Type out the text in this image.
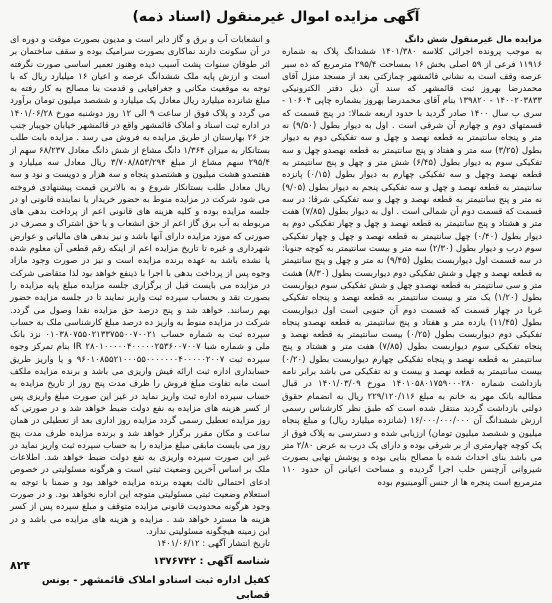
آگهی مزایده اموال غیرمنقول (اسناد ذمه)

مزایده مال غیرمنقول شش دانگ

به موجب پرونده اجرائی کلاسه ۱۴۰۱/۳۸۰ ششدانگ پلاک به شماره ۱۱۹۱۶ فرعی از ۵۹ اصلی بخش ۱۶ بمساحت ۲۹۵/۴ مترمربع که ذه سیر عرصه وقف است به نشانی قائمشهر چمازکتی بعد از مسجد منزل آقای محمدرضا بهروز ثبت قائمشهر که سند آن ذیل دفتر الکترونیکی ۱۴۰۰۲۰۳۸۳۳ - ۱۳۹۸۲۰ بنام آقای محمدرضا بهروز بشماره چاپی ۱۰۶۰۴ - سری ب سال ۱۴۰۰ صادر گردید با حدود اربعه شمالا: در پنج قسمت که قسمتهای دوم و چهارم آن شرقی است . اول به دیوار بطول (۹/۵۰) نه متر و پنجاه سانتیمتر به قطعه نهصد و چهل و سه تفکیکی دوم به دیوار بطول (۳/۲۵) سه متر و هفتاد و پنج سانتیمتر به قطعه نهصدو چهل و سه تفکیکی سوم به دیوار بطول (۶/۴۵) شش متر و چهل و پنج سانتیمتر به قطعه نهصد وچهل و سه تفکیکی چهارم به دیوار بطول (۰/۱۵) پانزده سانتیمتر به قطعه نهصد و چهل و سه تفکیکی پنجم به دیوار بطول (۹/۰۵) نه متر و پنج سانتیمتر به قطعه نهصد و چهل و سه تفکیکی شرقا: در سه قسمت که قسمت دوم آن شمالی است . اول به دیوار بطول (۷/۸۵) هفت متر و هشتاد و پنج سانتیمتر به قطعه نهصد و چهل و چهار تفکیکی دوم به دیوار بطول (۰/۴۰) چهل سانتیمتر به قطعه نهصد و چهل و چهار تفکیکی سوم درب و دیوار بطول (۲/۳۰) سه متر و بیست سانتیمتر به کوچه جنوبا: در سه قسمت اول دیواربست بطول (۹/۴۵) نه متر و چهل و پنج سانتیمتر به قطعه نهصد و چهل و شش تفکیکی دوم دیواربست بطول (۸/۳۰) هشت متر و سی سانتیمتر به قطعه نهصدو چهل و شش تفکیکی سوم دیواربست بطول (۱/۲۰) یک متر و بیست سانتیمتر به قطعه نهصد و پنجاه تفکیکی غربا در چهار قسمت که قسمت دوم آن جنوبی است اول دیواربست بطول (۱۱/۴۵) یازده متر و هفتاد و پنج سانتیمتر به قطعه نهصدو پنجاه تفکیکی دوم دیواربست بطول (۰/۲۵) بیست سانتیمتر به قطعه نهصد و پنجاه تفکیکی سوم دیواربست بطول (۷/۸۵) هفت متر و هشتاد و پنج سانتیمتر به قطعه نهصد و پنجاه تفکیکی چهارم دیواربست بطول (۰/۲۰) بیست سانتیمتر به قطعه نهصد و بیست و نه تفکیکی می باشد برابر نامه بازداشت شماره ۱۴۰۱۰۵۸۰۱۷۵۹۰۰۰۲۸۰ مورخ ۱۴۰۱/۰۳/۰۹ در قبال مطالبه بانک مهر به خانم به مبلغ ۲۲۹/۱۲۰/۱۱۶ ریال به انضمام حقوق دولتی بازداشت گردید منتقل شده است که طبق نظر کارشناس رسمی ارزش ششدانگ آن ۱۶/۰۰۰/۰۰۰/۰۰۰ (شانزده میلیارد ریال) و مبلغ پنجاه میلیون و ششصد میلیون تومان) ارزیابی شده و دسترسی به پلاک فوق از یک کوچه چهارمتری از بر شرقی بوده و دارای یک درب به عرض ۲/۸۰ متر می باشد بنای احداث شده با مصالح بنایی بوده و پوشش نهایی بصورت شیروانی آزچنس حلب اجرا گردیده و مساحت اعیانی آن حدود ۱۱۰ مترمربع است پنجره ها از جنس آلومینیوم بوده

و انشعابات آب و برق و گاز دایر است و مدیون بصورت موقت و دوره ای در آن سکونت دارند نماکاری بصورت سرامیک بوده و سقف ساختمان بر اثر طوفان سنوات پشت آسیب دیده وهنوز تعمیر اساسی صورت نگرفته است و ارزش پایه ملک ششدانگ عرصه و اعیان ۱۶ میلیارد ریال که با توجه به موقعیت مکانی و جغرافیایی و قدمت بنا مصالح به کار رفته به مبلغ شانزده میلیارد ریال معادل یک میلیارد و ششصد میلیون تومان برآورد می گردد و پلاک فوق از ساعت ۹ الی ۱۲ روز دوشنبه مورخ ۱۴۰۱/۰۶/۲۸ در اداره ثبت اسناد و املاک قائمشهر واقع در قائمشهر خیابان جویبار جنب جز ۲۶ بهارستان از طریق مزایده به فروش می رسد . مزایده بابت طلب بستانکار به میزان ۱/۳۶۴ دانگ مشاع از شش دانگ معادل ۶۸/۲۳۷ سهم از ۲۹۵/۴ سهم مشاع از مبلغ ۳/۷۰۸/۸۵۳/۲۹۴ ریال معادل سه میلیارد و هفتصدو هشت میلیون و هشتصدو پنجاه و سه هزار و دویست و نود و سه ریال معادل طلب بستانکار شروع و به بالاترین قیمت پیشنهادی فروخته می شود شرکت در مزایده منوط به حضور خریدار یا نماینده قانونی او در جلسه مزایده بوده و کلیه هزینه های قانونی اعم از پرداخت بدهی های مربوطه به آب برق گاز اعم از حق انشعاب و یا حق اشتراک و مصرف در صورتی که مورد مزایده دارای آنها باشد و نیز بدهی های مالیاتی و عوارض شهرداری و غیره تا تاریخ مزایده اعم از اینکه رقم قطعی آن معلوم شده یا نشده باشد به عهده برنده مزایده است و نیز در صورت وجود مازاد وجوه پس از پرداخت بدهی با اجرا با ذینفع خواهد بود لذا متقاضی شرکت در مزایده می بایست قبل از برگزاری جلسه مزایده مبلغ پایه مزایده را بصورت نقد و بحساب سپرده ثبت واریز نمایند تا در جلسه مزایده حضور بهم رسانند. خواهد شد و پنج درصد حق مزایده نقدا وصول می گردد. شرکت در مزایده منوط به واریز ده درصد مبلغ کارشناسی ملک به حساب سپرده ثبت به شماره حساب ۰۱۰۳۸۰۷۵۵۰۲۱۳۳۷۵۵۰۰۷۰۰۲۱ نزد بانک ملی و شماره شبا IR ۲۸۰۱۰۰۰۰۰۴۰۰۰۰۰۲۵۳۶۰۰۷۰۰۷ بنام تمرکز وجوه سپرده ثبت ۹۶۰۱۰۸۵۵۲۱۰۰۰۵۵۰۰۰۰۰۰۰۴۰۰۰۰۰۲۰۰۷ و یا واریز طریق حسابداری اداره ثبت ارائه فیش واریزی می باشد و برنده مزایده ملکف است مابه تفاوت مبلغ فروش را ظرف مدت پنج روز از تاریخ مزایده به حساب سپرده اداره ثبت واریز نماید در غیر این صورت مبلغ واریزی پس از کسر هزینه های مزایده به نفع دولت ضبط خواهد شد و در صورتی که روز مزایده تعطیل رسمی گردد مزایده روز اداری بعد از تعطیلی در همان ساعت و مکان مقرر برگزار خواهد شد و برنده مزایده ظرف مدت پنج روز می بایست مابقی مبلغ مزایده را به حساب سپرده ثبت واریز نماید در غیر این صورت سپرده واریزی به نفع دولت ضبط خواهد شد. اطلاعات ملک بر اساس آخرین وضعیت ثبتی است و هرگونه مسئولیتی در خصوص ادعای احتمالی ثالث بعهده برنده مزایده خواهد بود و ضمنا با توجه به استعلام وضعیت ثبتی مسئولیتی متوجه این اداره نخواهد بود. و در صورت وجود هرگونه محدودیت قانونی مزایده متوقف و مبلغ سپرده پس از کسر هزینه ها مسترد خواهد شد . مزایده و هزینه های مزایده می باشد و در این زمینه هیچگونه مسئولیتی ندارد.

تاریخ انتشار آگهی : ۱۴۰۱/۰۶/۱۲

شناسه آگهی : ۱۳۷۶۷۴۲
کفیل اداره ثبت اسنادو املاک قائمشهر - یونس قصابی
۸۲۴
